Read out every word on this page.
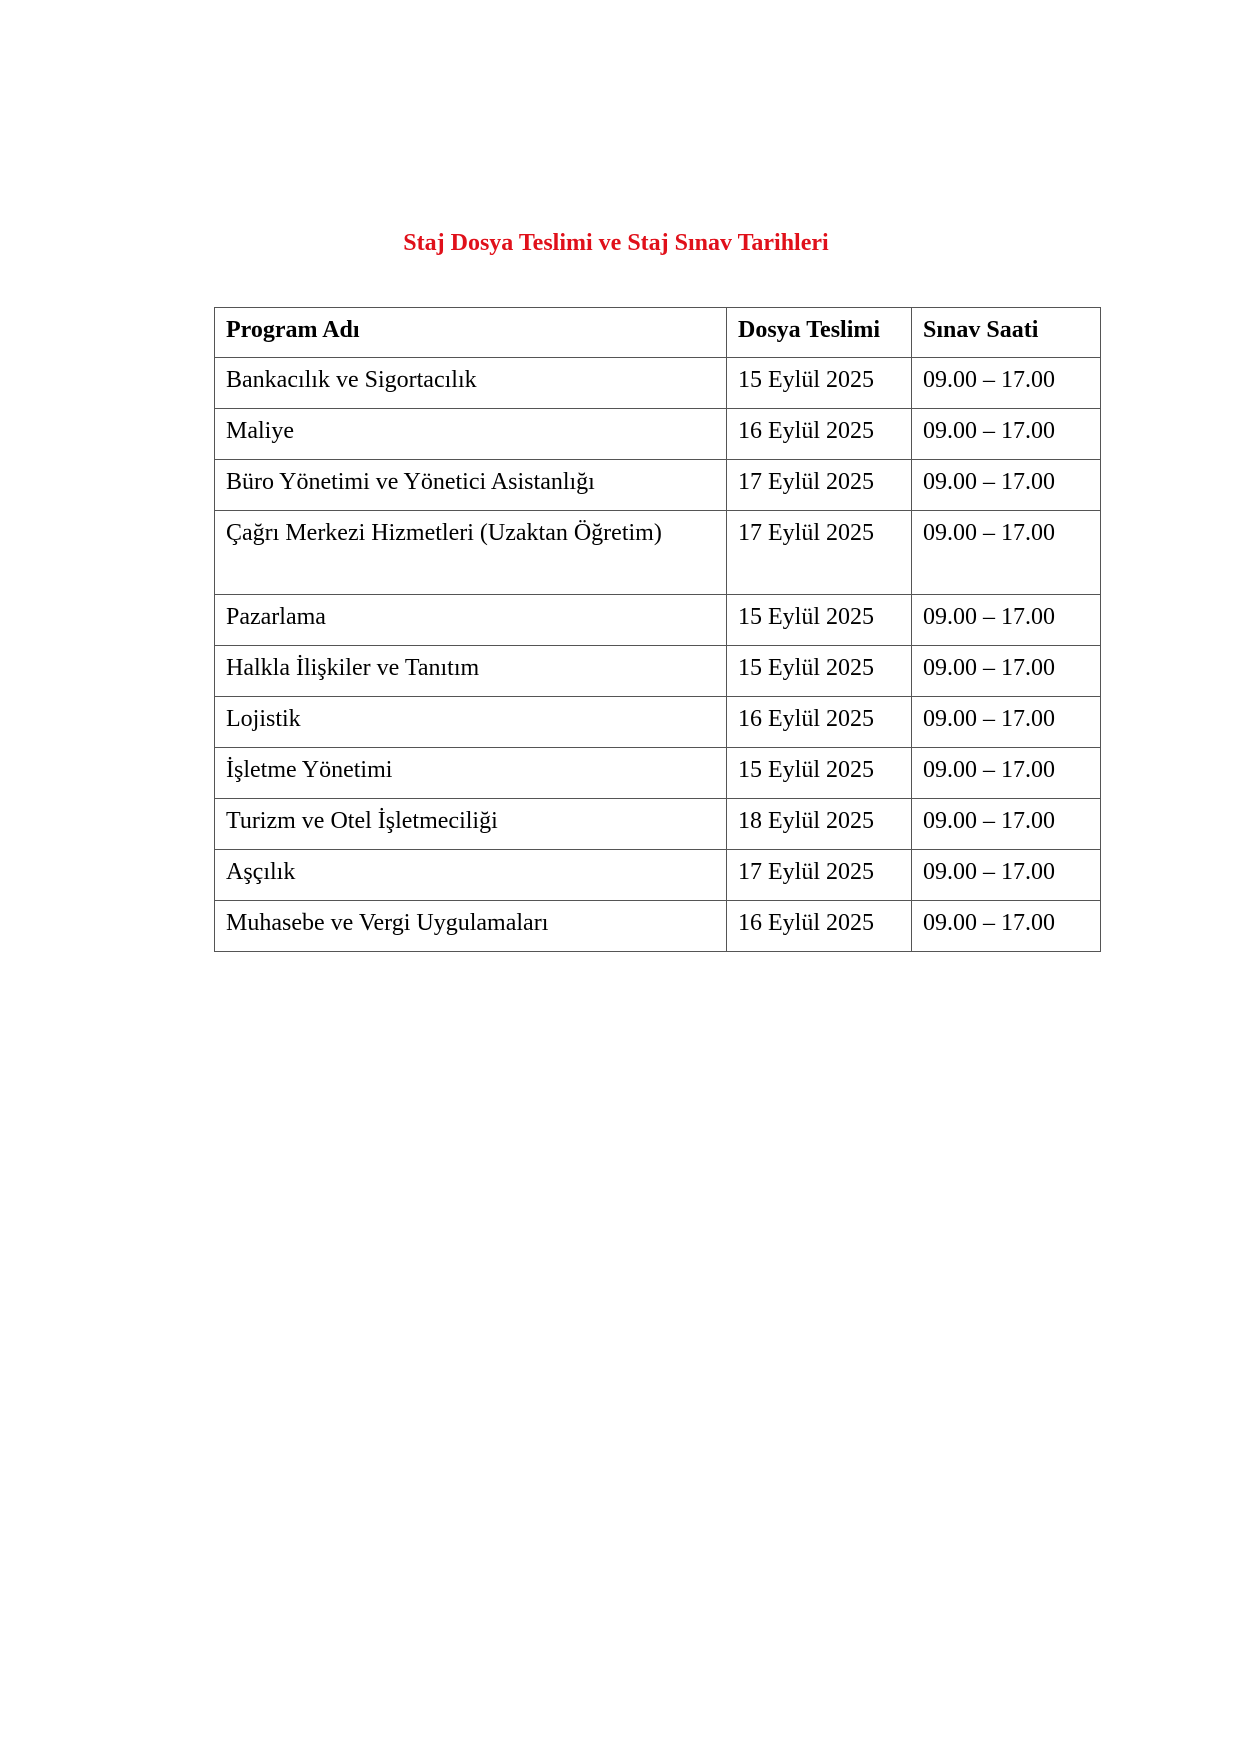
Staj Dosya Teslimi ve Staj Sınav Tarihleri
Program Adı	Dosya Teslimi	Sınav Saati
Bankacılık ve Sigortacılık	15 Eylül 2025	09.00 – 17.00
Maliye	16 Eylül 2025	09.00 – 17.00
Büro Yönetimi ve Yönetici Asistanlığı	17 Eylül 2025	09.00 – 17.00
Çağrı Merkezi Hizmetleri (Uzaktan Öğretim)	17 Eylül 2025	09.00 – 17.00
Pazarlama	15 Eylül 2025	09.00 – 17.00
Halkla İlişkiler ve Tanıtım	15 Eylül 2025	09.00 – 17.00
Lojistik	16 Eylül 2025	09.00 – 17.00
İşletme Yönetimi	15 Eylül 2025	09.00 – 17.00
Turizm ve Otel İşletmeciliği	18 Eylül 2025	09.00 – 17.00
Aşçılık	17 Eylül 2025	09.00 – 17.00
Muhasebe ve Vergi Uygulamaları	16 Eylül 2025	09.00 – 17.00
